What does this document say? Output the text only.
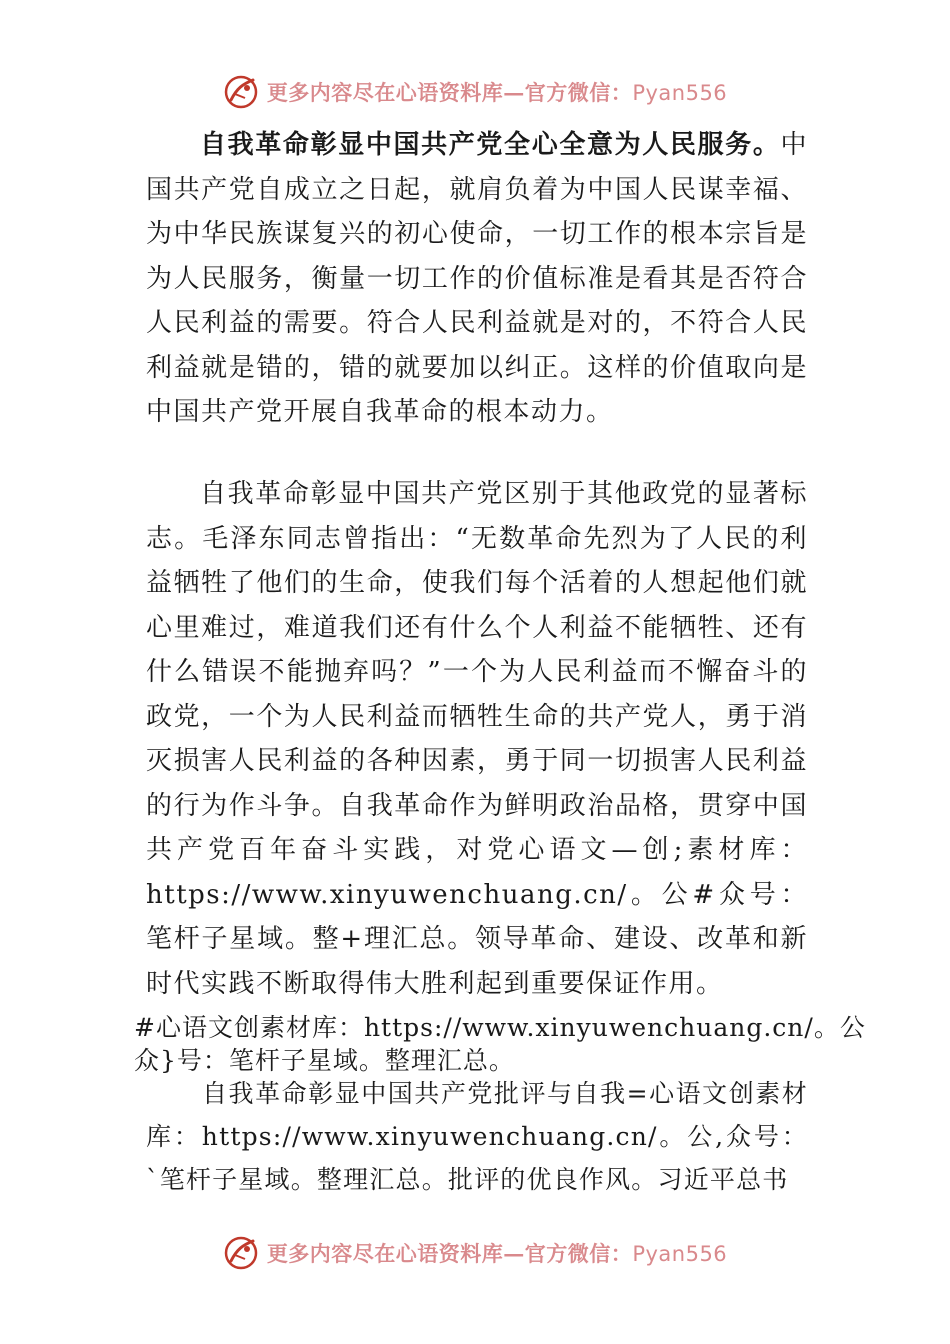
更多内容尽在心语资料库—官方微信：Pyan556

自我革命彰显中国共产党全心全意为人民服务。中国共产党自成立之日起，就肩负着为中国人民谋幸福、为中华民族谋复兴的初心使命，一切工作的根本宗旨是为人民服务，衡量一切工作的价值标准是看其是否符合人民利益的需要。符合人民利益就是对的，不符合人民利益就是错的，错的就要加以纠正。这样的价值取向是中国共产党开展自我革命的根本动力。

自我革命彰显中国共产党区别于其他政党的显著标志。毛泽东同志曾指出：“无数革命先烈为了人民的利益牺牲了他们的生命，使我们每个活着的人想起他们就心里难过，难道我们还有什么个人利益不能牺牲、还有什么错误不能抛弃吗？”一个为人民利益而不懈奋斗的政党，一个为人民利益而牺牲生命的共产党人，勇于消灭损害人民利益的各种因素，勇于同一切损害人民利益的行为作斗争。自我革命作为鲜明政治品格，贯穿中国共产党百年奋斗实践，对党心语文—创;素材库：https://www.xinyuwenchuang.cn/。公#众号：笔杆子星域。整+理汇总。领导革命、建设、改革和新时代实践不断取得伟大胜利起到重要保证作用。

#心语文创素材库：https://www.xinyuwenchuang.cn/。公

众}号：笔杆子星域。整理汇总。

自我革命彰显中国共产党批评与自我=心语文创素材库：https://www.xinyuwenchuang.cn/。公,众号：`笔杆子星域。整理汇总。批评的优良作风。习近平总书

更多内容尽在心语资料库—官方微信：Pyan556
